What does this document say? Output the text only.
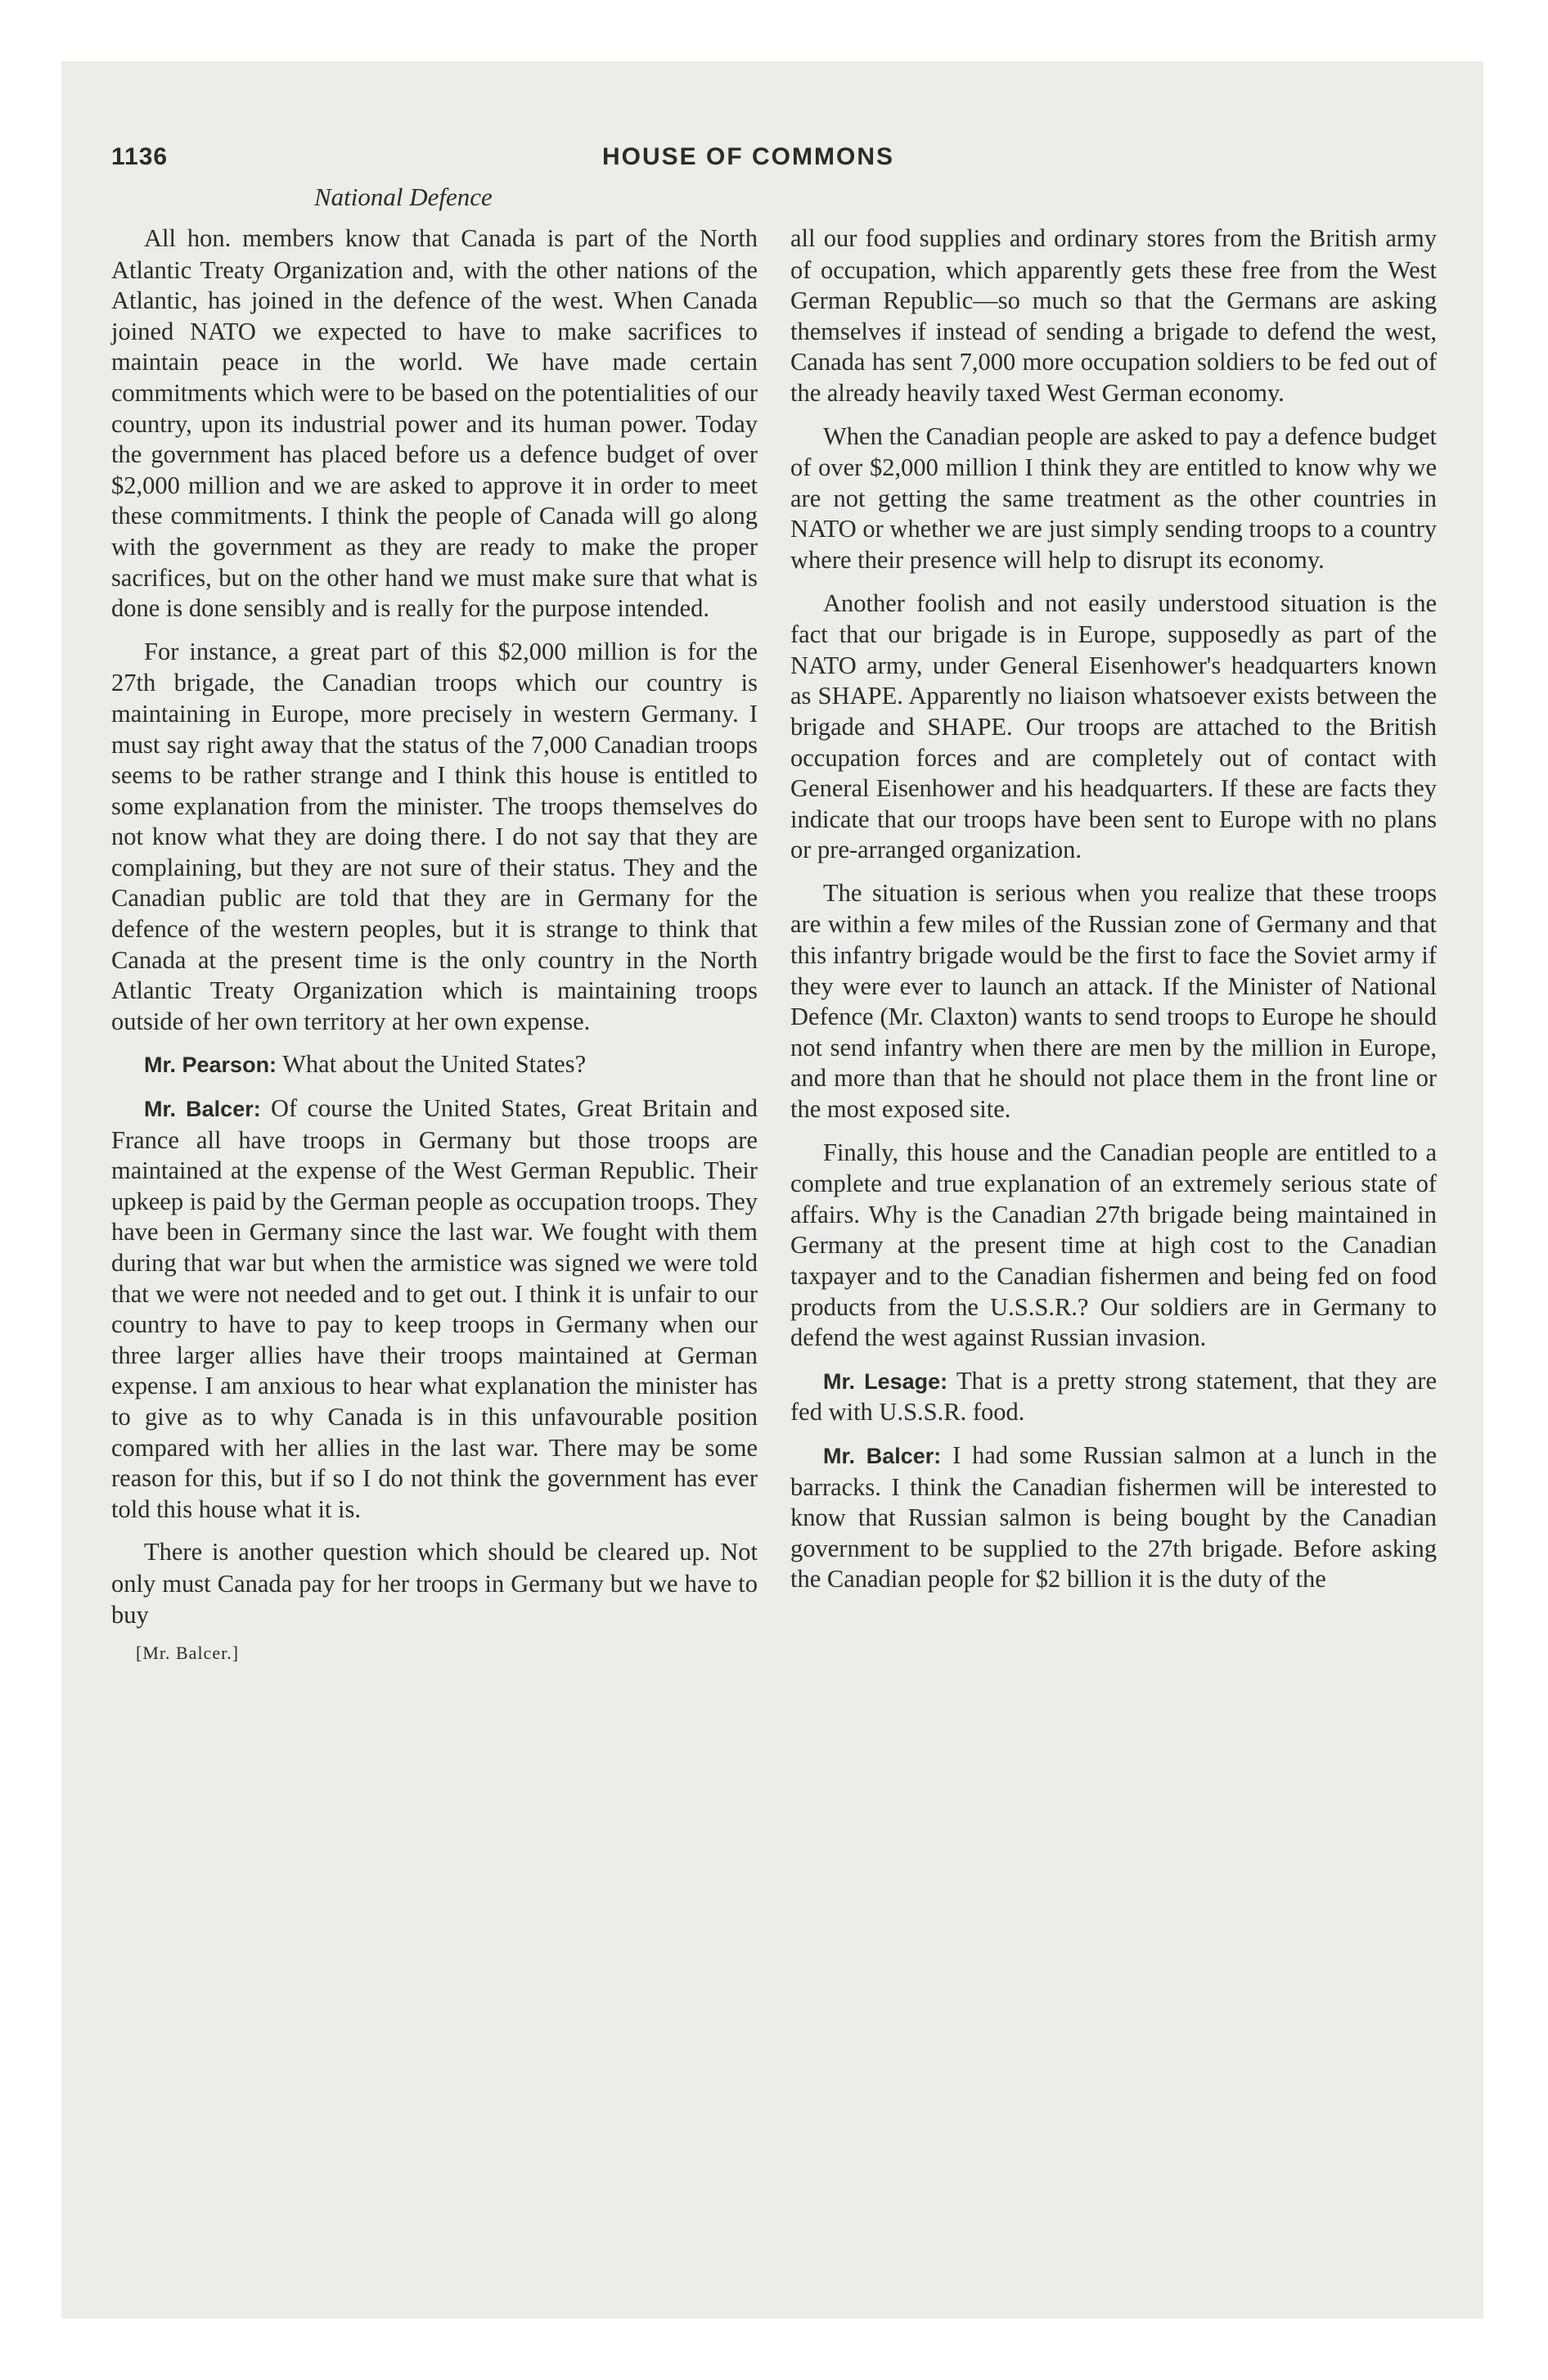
1136	HOUSE OF COMMONS
National Defence

All hon. members know that Canada is part of the North Atlantic Treaty Organization and, with the other nations of the Atlantic, has joined in the defence of the west. When Canada joined NATO we expected to have to make sacrifices to maintain peace in the world. We have made certain commitments which were to be based on the potentialities of our country, upon its industrial power and its human power. Today the government has placed before us a defence budget of over $2,000 million and we are asked to approve it in order to meet these commitments. I think the people of Canada will go along with the government as they are ready to make the proper sacrifices, but on the other hand we must make sure that what is done is done sensibly and is really for the purpose intended.

For instance, a great part of this $2,000 million is for the 27th brigade, the Canadian troops which our country is maintaining in Europe, more precisely in western Germany. I must say right away that the status of the 7,000 Canadian troops seems to be rather strange and I think this house is entitled to some explanation from the minister. The troops themselves do not know what they are doing there. I do not say that they are complaining, but they are not sure of their status. They and the Canadian public are told that they are in Germany for the defence of the western peoples, but it is strange to think that Canada at the present time is the only country in the North Atlantic Treaty Organization which is maintaining troops outside of her own territory at her own expense.

Mr. Pearson: What about the United States?

Mr. Balcer: Of course the United States, Great Britain and France all have troops in Germany but those troops are maintained at the expense of the West German Republic. Their upkeep is paid by the German people as occupation troops. They have been in Germany since the last war. We fought with them during that war but when the armistice was signed we were told that we were not needed and to get out. I think it is unfair to our country to have to pay to keep troops in Germany when our three larger allies have their troops maintained at German expense. I am anxious to hear what explanation the minister has to give as to why Canada is in this unfavourable position compared with her allies in the last war. There may be some reason for this, but if so I do not think the government has ever told this house what it is.

There is another question which should be cleared up. Not only must Canada pay for her troops in Germany but we have to buy

[Mr. Balcer.]

all our food supplies and ordinary stores from the British army of occupation, which apparently gets these free from the West German Republic—so much so that the Germans are asking themselves if instead of sending a brigade to defend the west, Canada has sent 7,000 more occupation soldiers to be fed out of the already heavily taxed West German economy.

When the Canadian people are asked to pay a defence budget of over $2,000 million I think they are entitled to know why we are not getting the same treatment as the other countries in NATO or whether we are just simply sending troops to a country where their presence will help to disrupt its economy.

Another foolish and not easily understood situation is the fact that our brigade is in Europe, supposedly as part of the NATO army, under General Eisenhower's headquarters known as SHAPE. Apparently no liaison whatsoever exists between the brigade and SHAPE. Our troops are attached to the British occupation forces and are completely out of contact with General Eisenhower and his headquarters. If these are facts they indicate that our troops have been sent to Europe with no plans or pre-arranged organization.

The situation is serious when you realize that these troops are within a few miles of the Russian zone of Germany and that this infantry brigade would be the first to face the Soviet army if they were ever to launch an attack. If the Minister of National Defence (Mr. Claxton) wants to send troops to Europe he should not send infantry when there are men by the million in Europe, and more than that he should not place them in the front line or the most exposed site.

Finally, this house and the Canadian people are entitled to a complete and true explanation of an extremely serious state of affairs. Why is the Canadian 27th brigade being maintained in Germany at the present time at high cost to the Canadian taxpayer and to the Canadian fishermen and being fed on food products from the U.S.S.R.? Our soldiers are in Germany to defend the west against Russian invasion.

Mr. Lesage: That is a pretty strong statement, that they are fed with U.S.S.R. food.

Mr. Balcer: I had some Russian salmon at a lunch in the barracks. I think the Canadian fishermen will be interested to know that Russian salmon is being bought by the Canadian government to be supplied to the 27th brigade. Before asking the Canadian people for $2 billion it is the duty of the
